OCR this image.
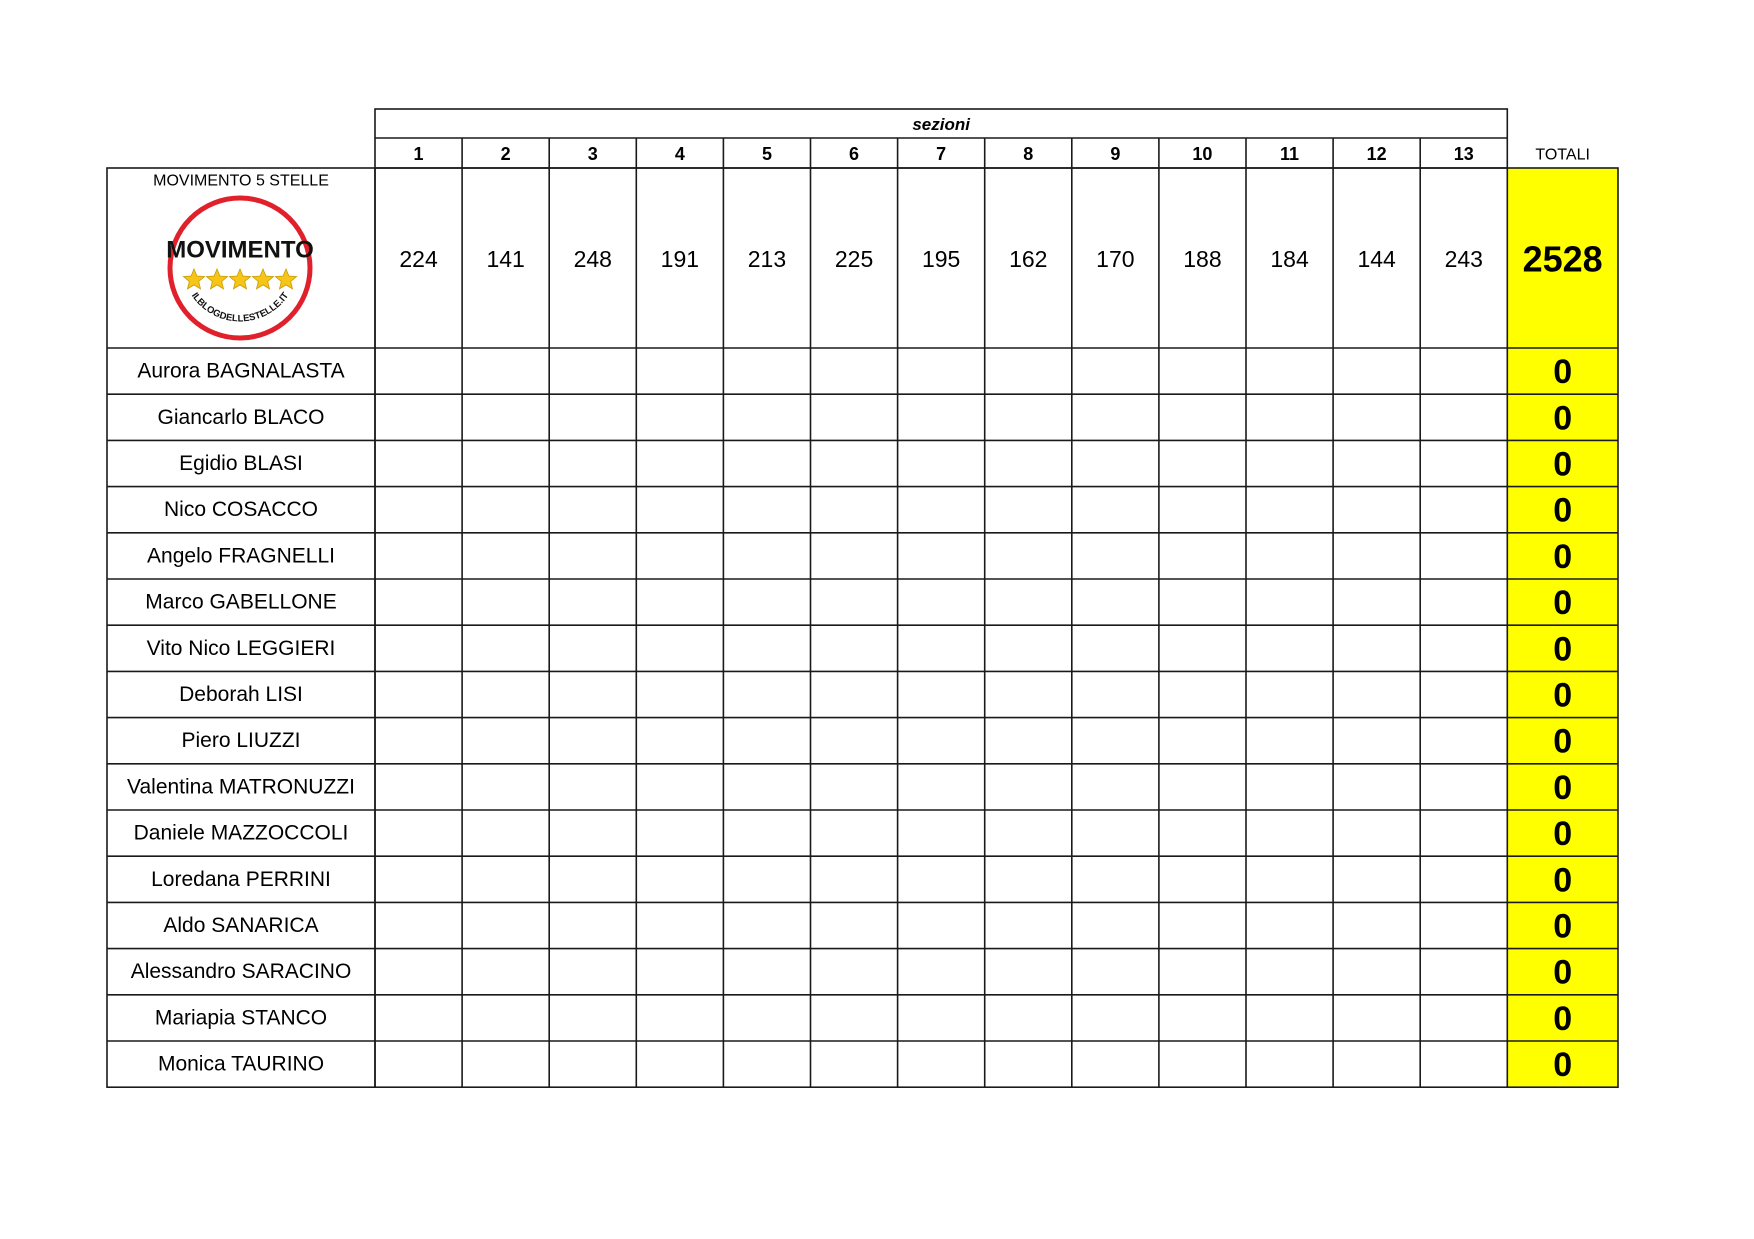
sezioni
1	2	3	4	5	6	7	8	9	10	11	12	13	TOTALI
MOVIMENTO 5 STELLE
224 141 248 191 213 225 195 162 170 188 184 144 243 2528
MOVIMENTO
ILBLOGDELLESTELLE.IT
Aurora BAGNALASTA	0
Giancarlo BLACO	0
Egidio BLASI	0
Nico COSACCO	0
Angelo FRAGNELLI	0
Marco GABELLONE	0
Vito Nico LEGGIERI	0
Deborah LISI	0
Piero LIUZZI	0
Valentina MATRONUZZI	0
Daniele MAZZOCCOLI	0
Loredana PERRINI	0
Aldo SANARICA	0
Alessandro SARACINO	0
Mariapia STANCO	0
Monica TAURINO	0
